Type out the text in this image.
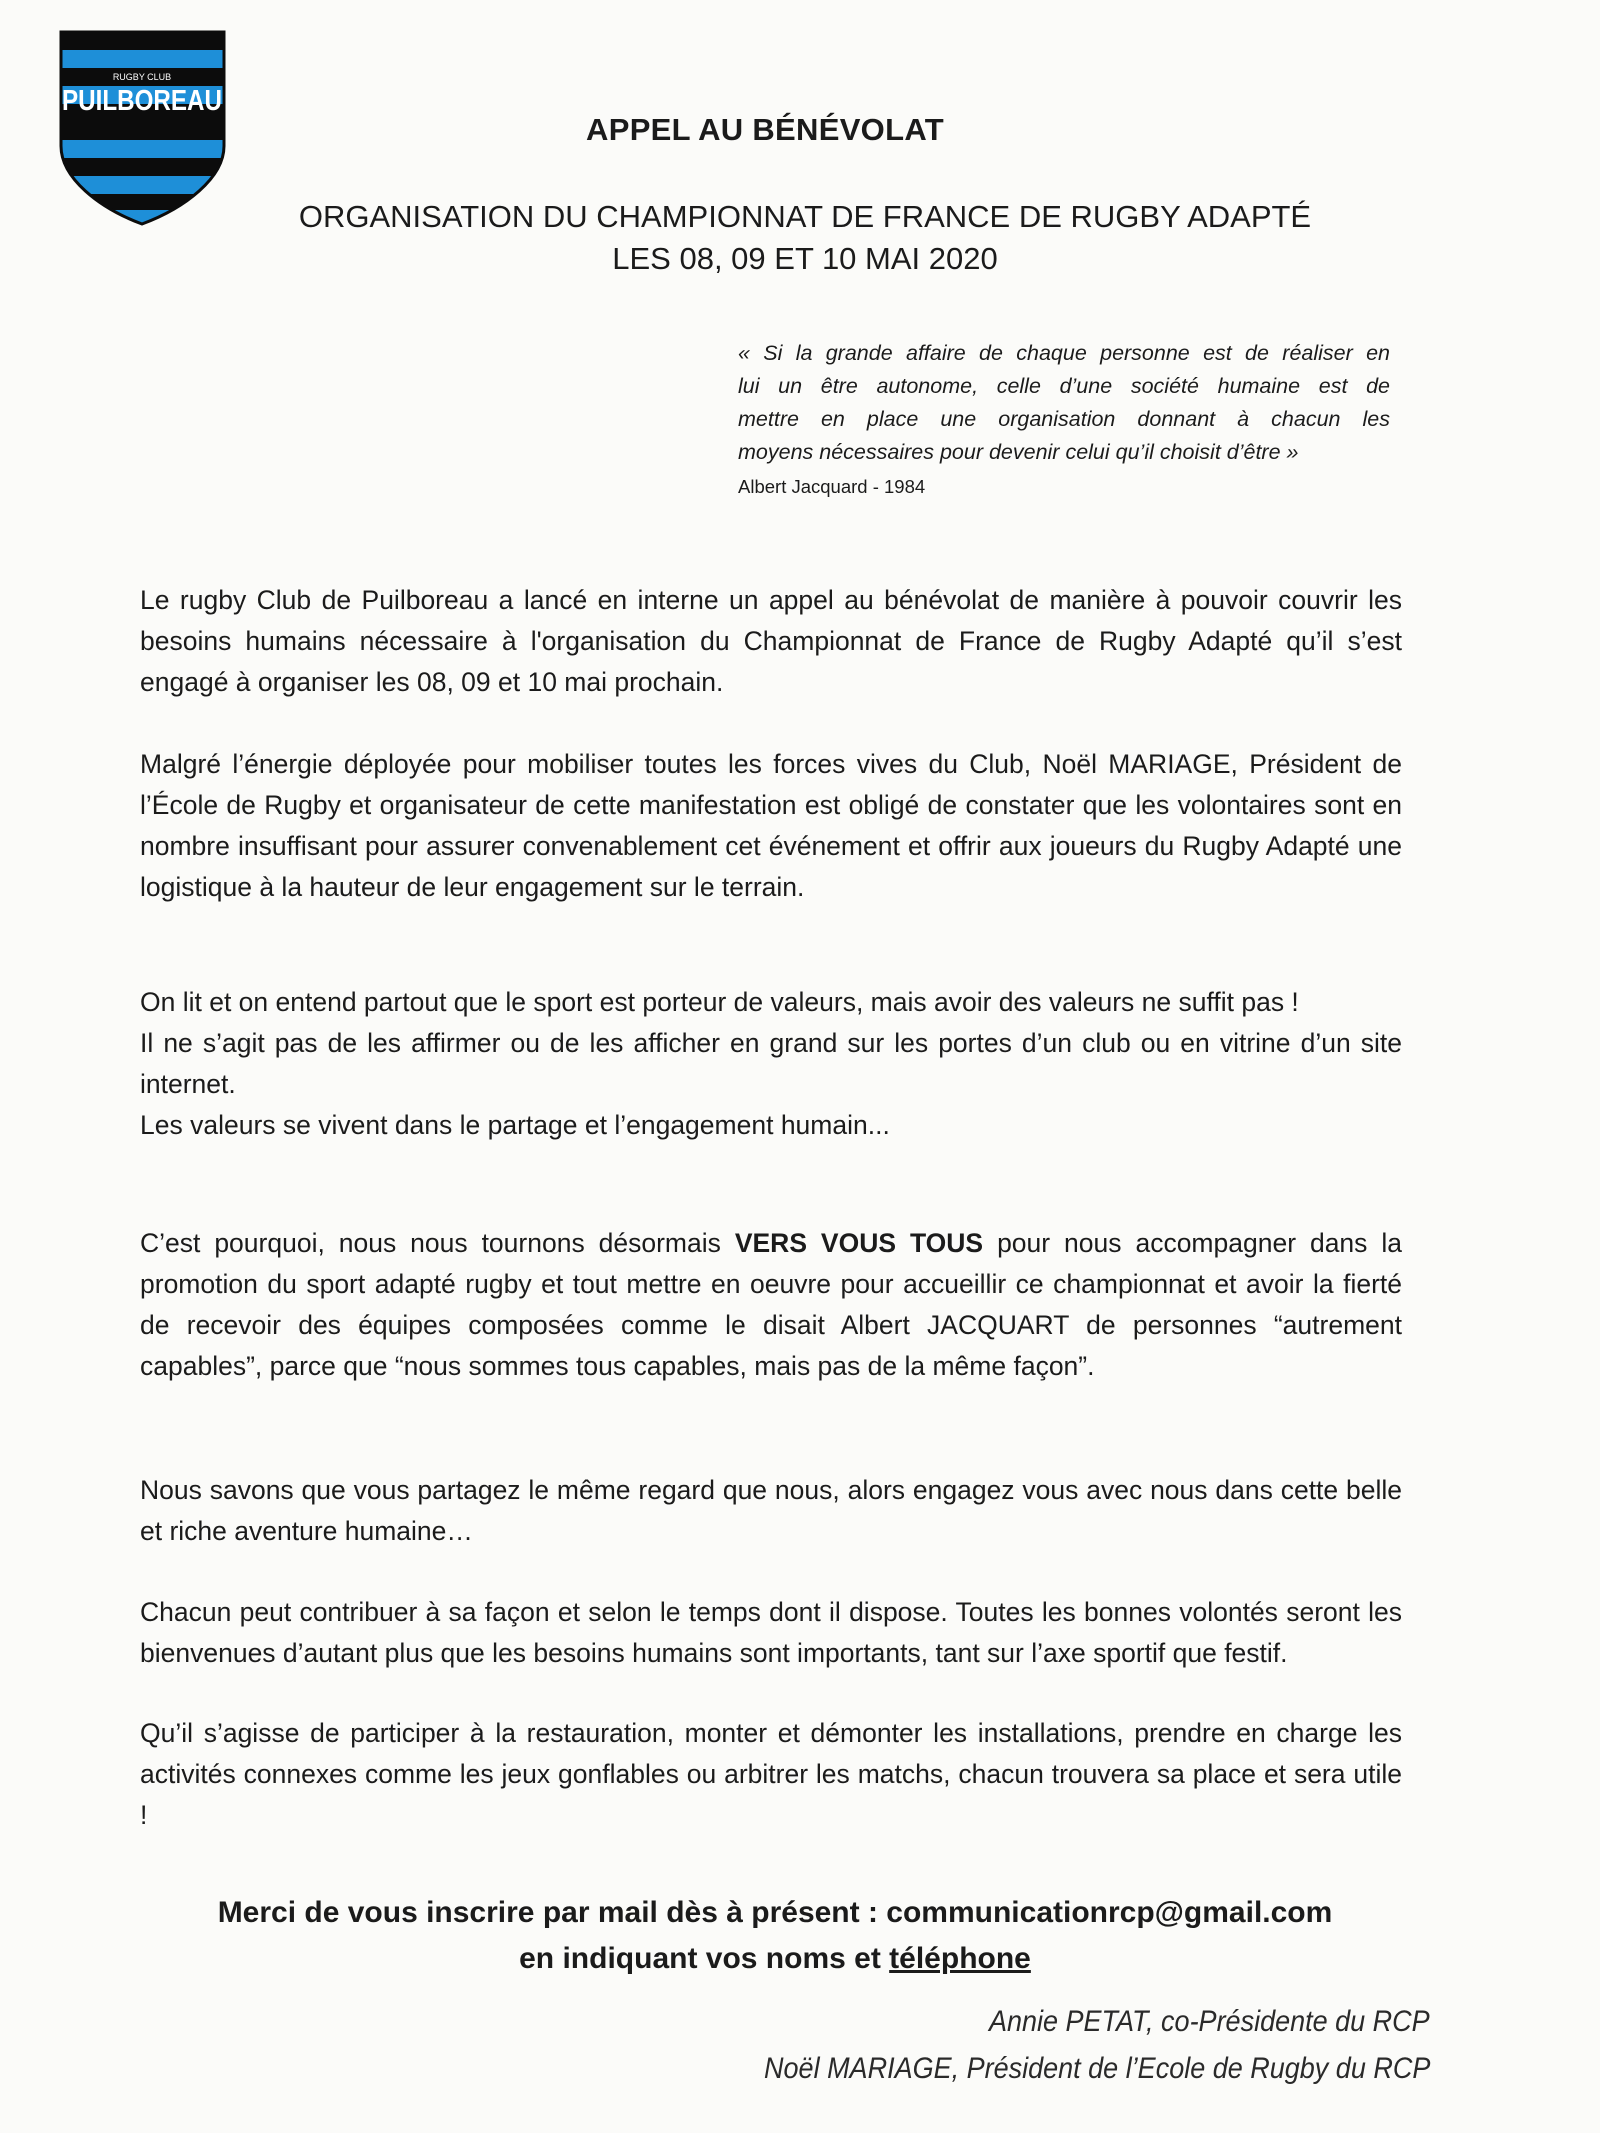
RUGBY CLUB
PUILBOREAU
APPEL AU BÉNÉVOLAT
ORGANISATION DU CHAMPIONNAT DE FRANCE DE RUGBY ADAPTÉ
LES 08, 09 ET 10 MAI 2020
« Si la grande affaire de chaque personne est de réaliser en
lui un être autonome, celle d’une société humaine est de
mettre en place une organisation donnant à chacun les
moyens nécessaires pour devenir celui qu’il choisit d’être »
Albert Jacquard - 1984

Le rugby Club de Puilboreau a lancé en interne un appel au bénévolat de manière à pouvoir couvrir les besoins humains nécessaire à l'organisation du Championnat de France de Rugby Adapté qu’il s’est engagé à organiser les 08, 09 et 10 mai prochain.

Malgré l’énergie déployée pour mobiliser toutes les forces vives du Club, Noël MARIAGE, Président de l’École de Rugby et organisateur de cette manifestation est obligé de constater que les volontaires sont en nombre insuffisant pour assurer convenablement cet événement et offrir aux joueurs du Rugby Adapté une logistique à la hauteur de leur engagement sur le terrain.

On lit et on entend partout que le sport est porteur de valeurs, mais avoir des valeurs ne suffit pas !

Il ne s’agit pas de les affirmer ou de les afficher en grand sur les portes d’un club ou en vitrine d’un site internet.

Les valeurs se vivent dans le partage et l’engagement humain...

C’est pourquoi, nous nous tournons désormais VERS VOUS TOUS pour nous accompagner dans la promotion du sport adapté rugby et tout mettre en oeuvre pour accueillir ce championnat et avoir la fierté de recevoir des équipes composées comme le disait Albert JACQUART de personnes “autrement capables”, parce que “nous sommes tous capables, mais pas de la même façon”.

Nous savons que vous partagez le même regard que nous, alors engagez vous avec nous dans cette belle et riche aventure humaine…

Chacun peut contribuer à sa façon et selon le temps dont il dispose. Toutes les bonnes volontés seront les bienvenues d’autant plus que les besoins humains sont importants, tant sur l’axe sportif que festif.

Qu’il s’agisse de participer à la restauration, monter et démonter les installations, prendre en charge les activités connexes comme les jeux gonflables ou arbitrer les matchs, chacun trouvera sa place et sera utile !

Merci de vous inscrire par mail dès à présent : communicationrcp@gmail.com
en indiquant vos noms et téléphone
Annie PETAT, co-Présidente du RCP
Noël MARIAGE, Président de l’Ecole de Rugby du RCP
